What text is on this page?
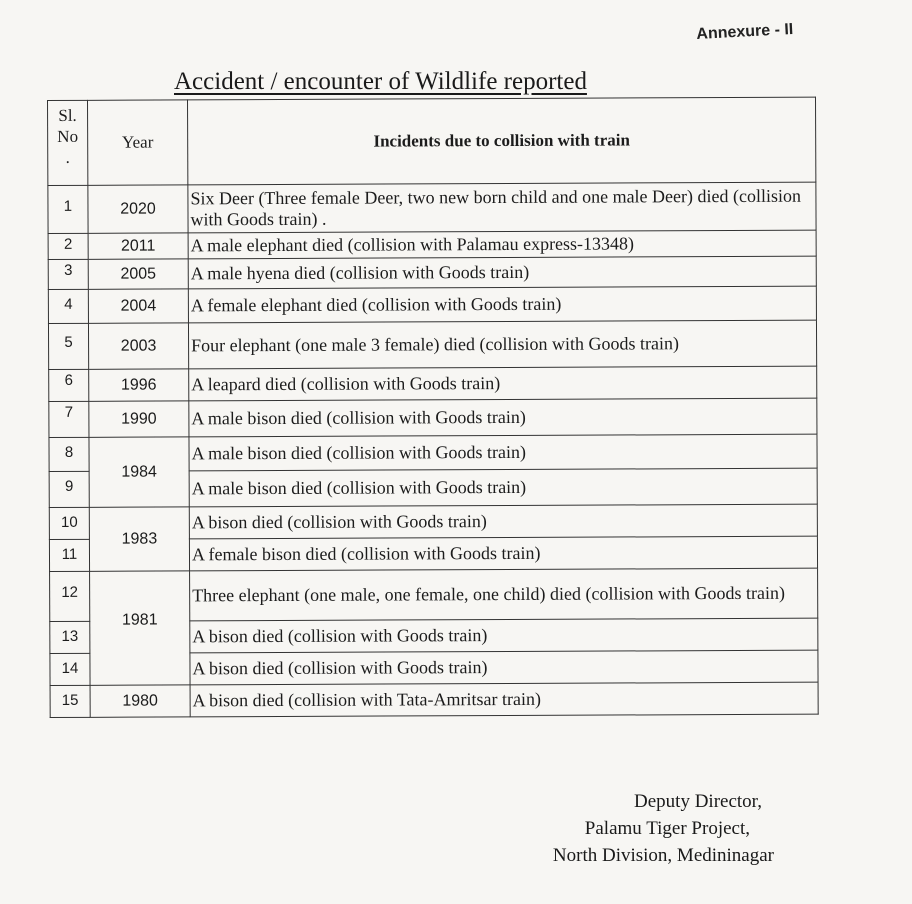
Annexure - II
Accident / encounter of Wildlife reported
Sl.
No
.	Year	Incidents due to collision with train
1	2020	Six Deer (Three female Deer, two new born child and one male Deer) died (collision with Goods train) .
2	2011	A male elephant died (collision with Palamau express-13348)
3	2005	A male hyena died (collision with Goods train)
4	2004	A female elephant died (collision with Goods train)
5	2003	Four elephant (one male 3 female) died (collision with Goods train)
6	1996	A leapard died (collision with Goods train)
7	1990	A male bison died (collision with Goods train)
8	1984	A male bison died (collision with Goods train)
9		A male bison died (collision with Goods train)
10	1983	A bison died (collision with Goods train)
11		A female bison died (collision with Goods train)
12	1981	Three elephant (one male, one female, one child) died (collision with Goods train)
13		A bison died (collision with Goods train)
14		A bison died (collision with Goods train)
15	1980	A bison died (collision with Tata-Amritsar train)
Deputy Director,
Palamu Tiger Project,
North Division, Medininagar
